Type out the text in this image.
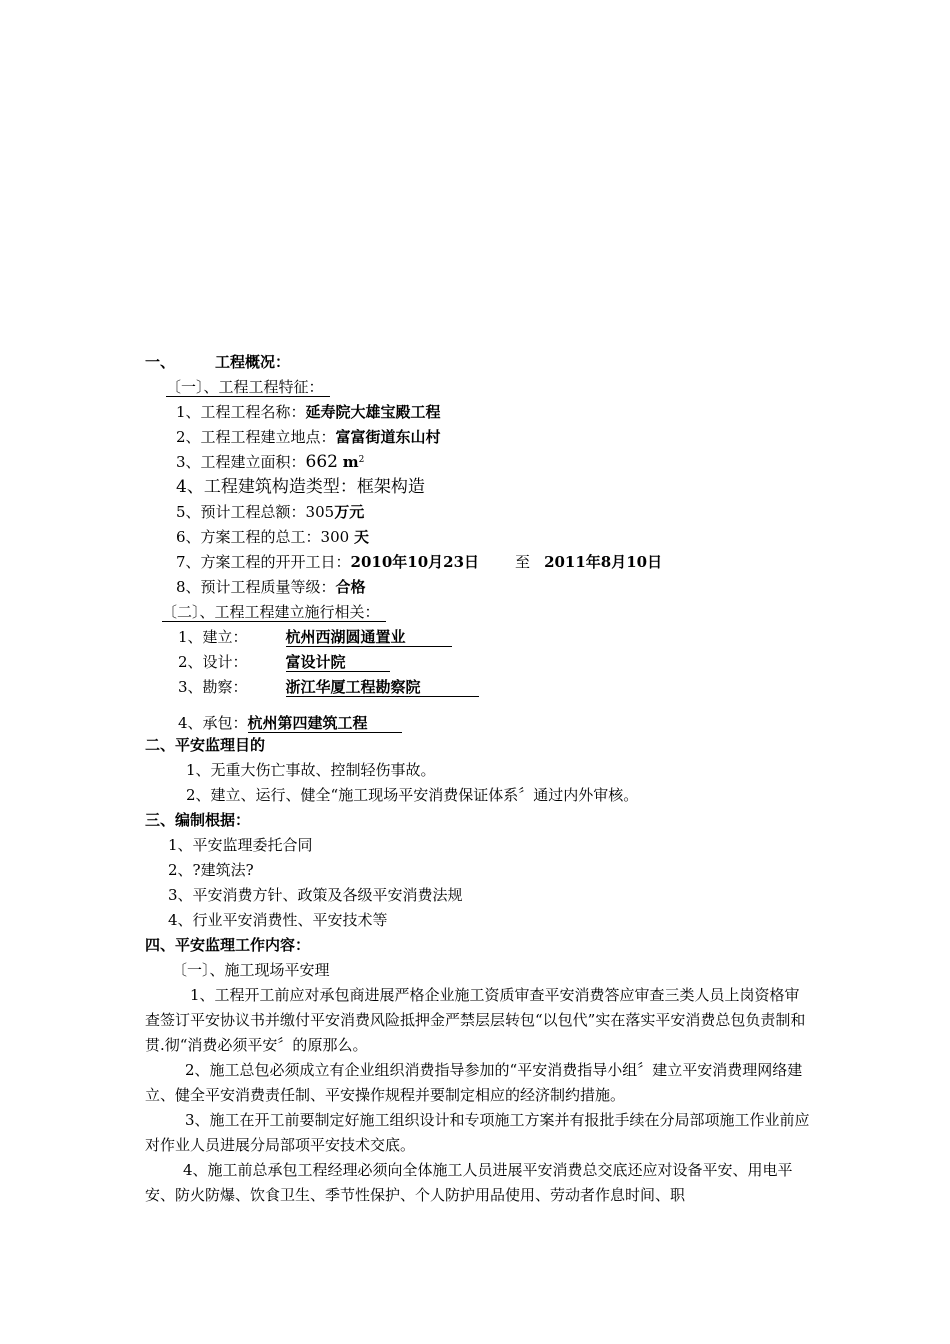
一、	工程概况：
〔一〕、工程工程特征：
1、工程工程名称：延寿院大雄宝殿工程
2、工程工程建立地点：富富街道东山村
3、工程建立面积：662 $m^2$
4、工程建筑构造类型：框架构造
5、预计工程总额：305万元
6、方案工程的总工：300 天
7、方案工程的开开工日：2010年10月23日 至 2011年8月10日
8、预计工程质量等级：合格
〔二〕、工程工程建立施行相关：
1、建立：	杭州西湖圆通置业
2、设计：	富设计院
3、勘察：	浙江华厦工程勘察院
4、承包：杭州第四建筑工程
二、平安监理目的
1、无重大伤亡事故、控制轻伤事故。
2、建立、运行、健全“施工现场平安消费保证体系〞通过内外审核。
三、编制根据：
1、平安监理委托合同
2、?建筑法?
3、平安消费方针、政策及各级平安消费法规
4、行业平安消费性、平安技术等
四、平安监理工作内容：
〔一〕、施工现场平安理

1、工程开工前应对承包商进展严格企业施工资质审查平安消费答应审查三类人员上岗资格审查签订平安协议书并缴付平安消费风险抵押金严禁层层转包“以包代”实在落实平安消费总包负责制和贯.彻“消费必须平安〞的原那么。

2、施工总包必须成立有企业组织消费指导参加的“平安消费指导小组〞建立平安消费理网络建立、健全平安消费责任制、平安操作规程并要制定相应的经济制约措施。

3、施工在开工前要制定好施工组织设计和专项施工方案并有报批手续在分局部项施工作业前应对作业人员进展分局部项平安技术交底。

4、施工前总承包工程经理必须向全体施工人员进展平安消费总交底还应对设备平安、用电平安、防火防爆、饮食卫生、季节性保护、个人防护用品使用、劳动者作息时间、职
